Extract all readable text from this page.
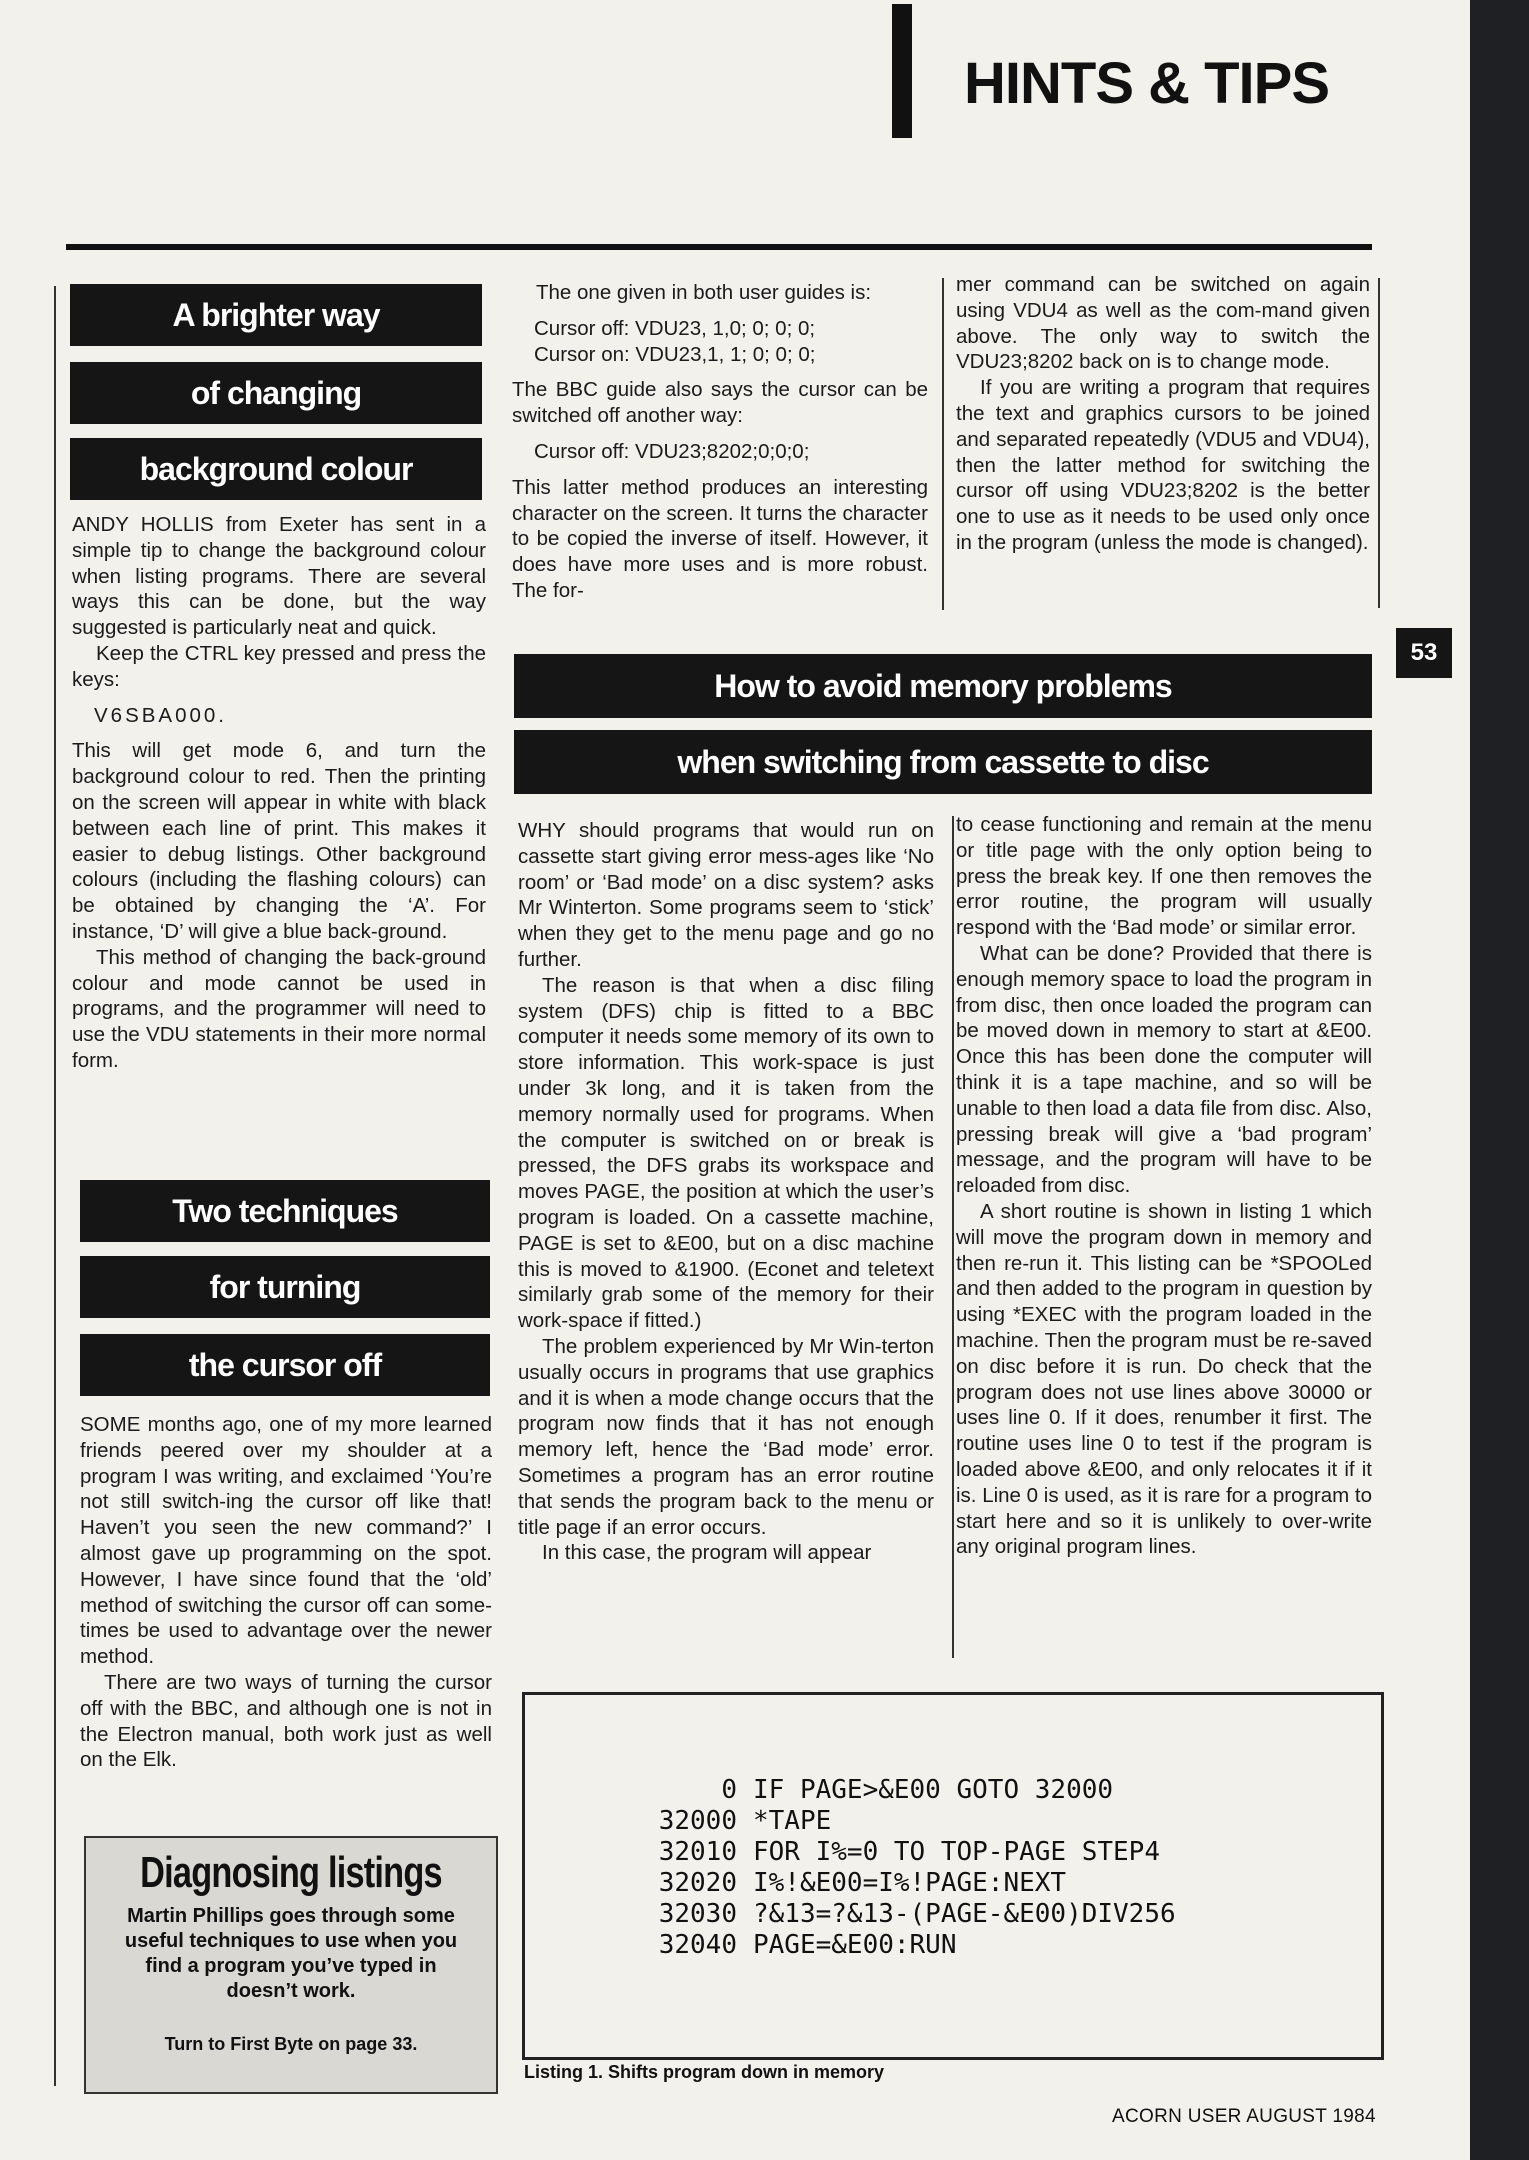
HINTS & TIPS
A brighter way
of changing
background colour

ANDY HOLLIS from Exeter has sent in a simple tip to change the background colour when listing programs. There are several ways this can be done, but the way suggested is particularly neat and quick.

Keep the CTRL key pressed and press the keys:

V6SBA000.

This will get mode 6, and turn the background colour to red. Then the printing on the screen will appear in white with black between each line of print. This makes it easier to debug listings. Other background colours (including the flashing colours) can be obtained by changing the ‘A’. For instance, ‘D’ will give a blue back-ground.

This method of changing the back-ground colour and mode cannot be used in programs, and the programmer will need to use the VDU statements in their more normal form.

Two techniques
for turning
the cursor off

SOME months ago, one of my more learned friends peered over my shoulder at a program I was writing, and exclaimed ‘You’re not still switch-ing the cursor off like that! Haven’t you seen the new command?’ I almost gave up programming on the spot. However, I have since found that the ‘old’ method of switching the cursor off can some-times be used to advantage over the newer method.

There are two ways of turning the cursor off with the BBC, and although one is not in the Electron manual, both work just as well on the Elk.

The one given in both user guides is:

Cursor off: VDU23, 1,0; 0; 0; 0;
Cursor on: VDU23,1, 1; 0; 0; 0;

The BBC guide also says the cursor can be switched off another way:

Cursor off: VDU23;8202;0;0;0;

This latter method produces an interesting character on the screen. It turns the character to be copied the inverse of itself. However, it does have more uses and is more robust. The for-

mer command can be switched on again using VDU4 as well as the com-mand given above. The only way to switch the VDU23;8202 back on is to change mode.

If you are writing a program that requires the text and graphics cursors to be joined and separated repeatedly (VDU5 and VDU4), then the latter method for switching the cursor off using VDU23;8202 is the better one to use as it needs to be used only once in the program (unless the mode is changed).

53
How to avoid memory problems
when switching from cassette to disc

WHY should programs that would run on cassette start giving error mess-ages like ‘No room’ or ‘Bad mode’ on a disc system? asks Mr Winterton. Some programs seem to ‘stick’ when they get to the menu page and go no further.

The reason is that when a disc filing system (DFS) chip is fitted to a BBC computer it needs some memory of its own to store information. This work-space is just under 3k long, and it is taken from the memory normally used for programs. When the computer is switched on or break is pressed, the DFS grabs its workspace and moves PAGE, the position at which the user’s program is loaded. On a cassette machine, PAGE is set to &E00, but on a disc machine this is moved to &1900. (Econet and teletext similarly grab some of the memory for their work-space if fitted.)

The problem experienced by Mr Win-terton usually occurs in programs that use graphics and it is when a mode change occurs that the program now finds that it has not enough memory left, hence the ‘Bad mode’ error. Sometimes a program has an error routine that sends the program back to the menu or title page if an error occurs.

In this case, the program will appear

to cease functioning and remain at the menu or title page with the only option being to press the break key. If one then removes the error routine, the program will usually respond with the ‘Bad mode’ or similar error.

What can be done? Provided that there is enough memory space to load the program in from disc, then once loaded the program can be moved down in memory to start at &E00. Once this has been done the computer will think it is a tape machine, and so will be unable to then load a data file from disc. Also, pressing break will give a ‘bad program’ message, and the program will have to be reloaded from disc.

A short routine is shown in listing 1 which will move the program down in memory and then re-run it. This listing can be *SPOOLed and then added to the program in question by using *EXEC with the program loaded in the machine. Then the program must be re-saved on disc before it is run. Do check that the program does not use lines above 30000 or uses line 0. If it does, renumber it first. The routine uses line 0 to test if the program is loaded above &E00, and only relocates it if it is. Line 0 is used, as it is rare for a program to start here and so it is unlikely to over-write any original program lines.

Diagnosing listings
Martin Phillips goes through some useful techniques to use when you find a program you’ve typed in doesn’t work.
Turn to First Byte on page 33.
0 IF PAGE>&E00 GOTO 32000
32000 *TAPE
32010 FOR I%=0 TO TOP-PAGE STEP4
32020 I%!&E00=I%!PAGE:NEXT
32030 ?&13=?&13-(PAGE-&E00)DIV256
32040 PAGE=&E00:RUN
Listing 1. Shifts program down in memory
ACORN USER AUGUST 1984
